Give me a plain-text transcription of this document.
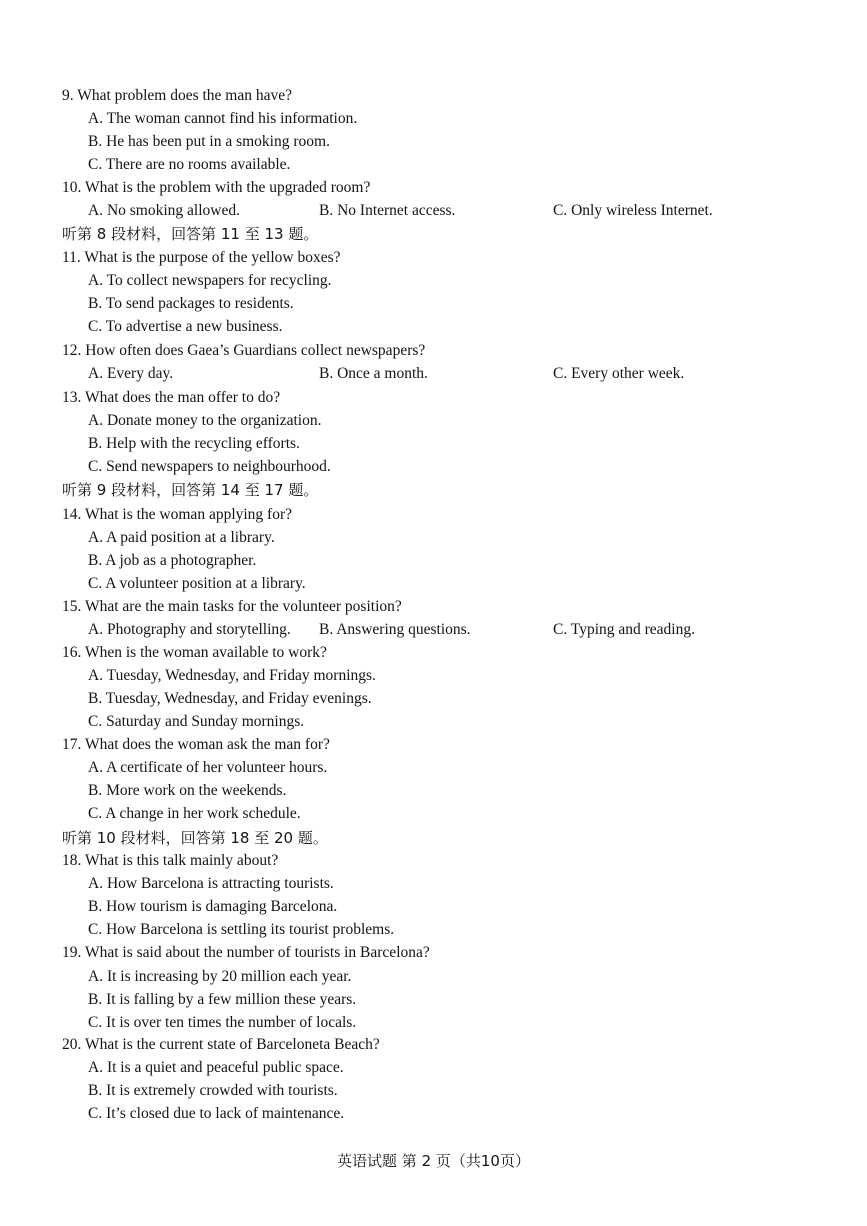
9. What problem does the man have?
A. The woman cannot find his information.
B. He has been put in a smoking room.
C. There are no rooms available.
10. What is the problem with the upgraded room?
A. No smoking allowed.	B. No Internet access.	C. Only wireless Internet.
听第 8 段材料，回答第 11 至 13 题。
11. What is the purpose of the yellow boxes?
A. To collect newspapers for recycling.
B. To send packages to residents.
C. To advertise a new business.
12. How often does Gaea’s Guardians collect newspapers?
A. Every day.	B. Once a month.	C. Every other week.
13. What does the man offer to do?
A. Donate money to the organization.
B. Help with the recycling efforts.
C. Send newspapers to neighbourhood.
听第 9 段材料，回答第 14 至 17 题。
14. What is the woman applying for?
A. A paid position at a library.
B. A job as a photographer.
C. A volunteer position at a library.
15. What are the main tasks for the volunteer position?
A. Photography and storytelling. B. Answering questions.	C. Typing and reading.
16. When is the woman available to work?
A. Tuesday, Wednesday, and Friday mornings.
B. Tuesday, Wednesday, and Friday evenings.
C. Saturday and Sunday mornings.
17. What does the woman ask the man for?
A. A certificate of her volunteer hours.
B. More work on the weekends.
C. A change in her work schedule.
听第 10 段材料，回答第 18 至 20 题。
18. What is this talk mainly about?
A. How Barcelona is attracting tourists.
B. How tourism is damaging Barcelona.
C. How Barcelona is settling its tourist problems.
19. What is said about the number of tourists in Barcelona?
A. It is increasing by 20 million each year.
B. It is falling by a few million these years.
C. It is over ten times the number of locals.
20. What is the current state of Barceloneta Beach?
A. It is a quiet and peaceful public space.
B. It is extremely crowded with tourists.
C. It’s closed due to lack of maintenance.
英语试题 第 2 页（共10页）
